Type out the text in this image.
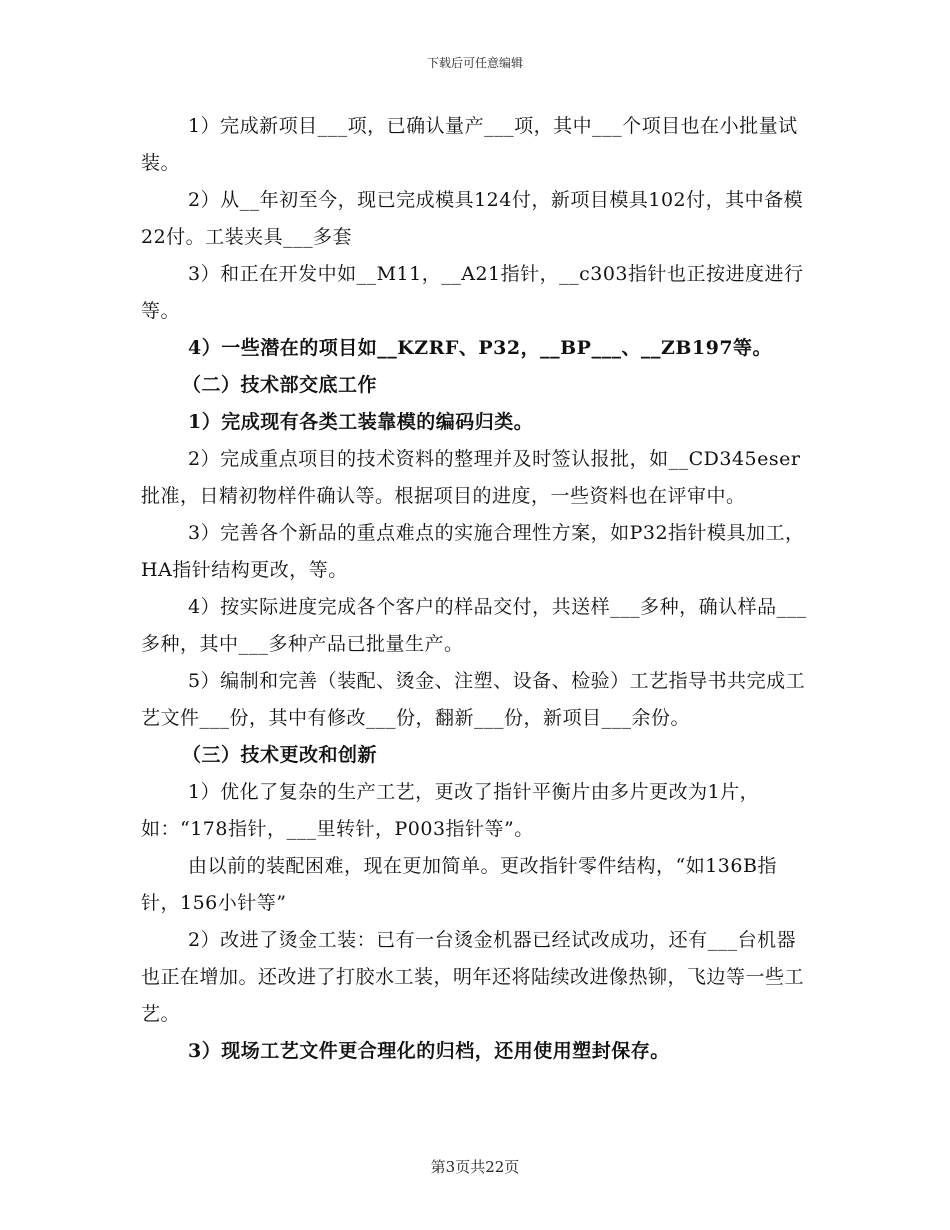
下载后可任意编辑

1）完成新项目___项，已确认量产___项，其中___个项目也在小批量试装。

2）从__年初至今，现已完成模具124付，新项目模具102付，其中备模22付。工装夹具___多套

3）和正在开发中如__M11，__A21指针，__c303指针也正按进度进行等。

4）一些潜在的项目如__KZRF、P32，__BP___、__ZB197等。

（二）技术部交底工作

1）完成现有各类工装靠模的编码归类。

2）完成重点项目的技术资料的整理并及时签认报批，如__CD345eser批准，日精初物样件确认等。根据项目的进度，一些资料也在评审中。

3）完善各个新品的重点难点的实施合理性方案，如P32指针模具加工，HA指针结构更改，等。

4）按实际进度完成各个客户的样品交付，共送样___多种，确认样品___多种，其中___多种产品已批量生产。

5）编制和完善（装配、烫金、注塑、设备、检验）工艺指导书共完成工艺文件___份，其中有修改___份，翻新___份，新项目___余份。

（三）技术更改和创新

1）优化了复杂的生产工艺，更改了指针平衡片由多片更改为1片，如：“178指针，___里转针，P003指针等”。

由以前的装配困难，现在更加简单。更改指针零件结构，“如136B指针，156小针等”

2）改进了烫金工装：已有一台烫金机器已经试改成功，还有___台机器也正在增加。还改进了打胶水工装，明年还将陆续改进像热铆，飞边等一些工艺。

3）现场工艺文件更合理化的归档，还用使用塑封保存。

第3页共22页
